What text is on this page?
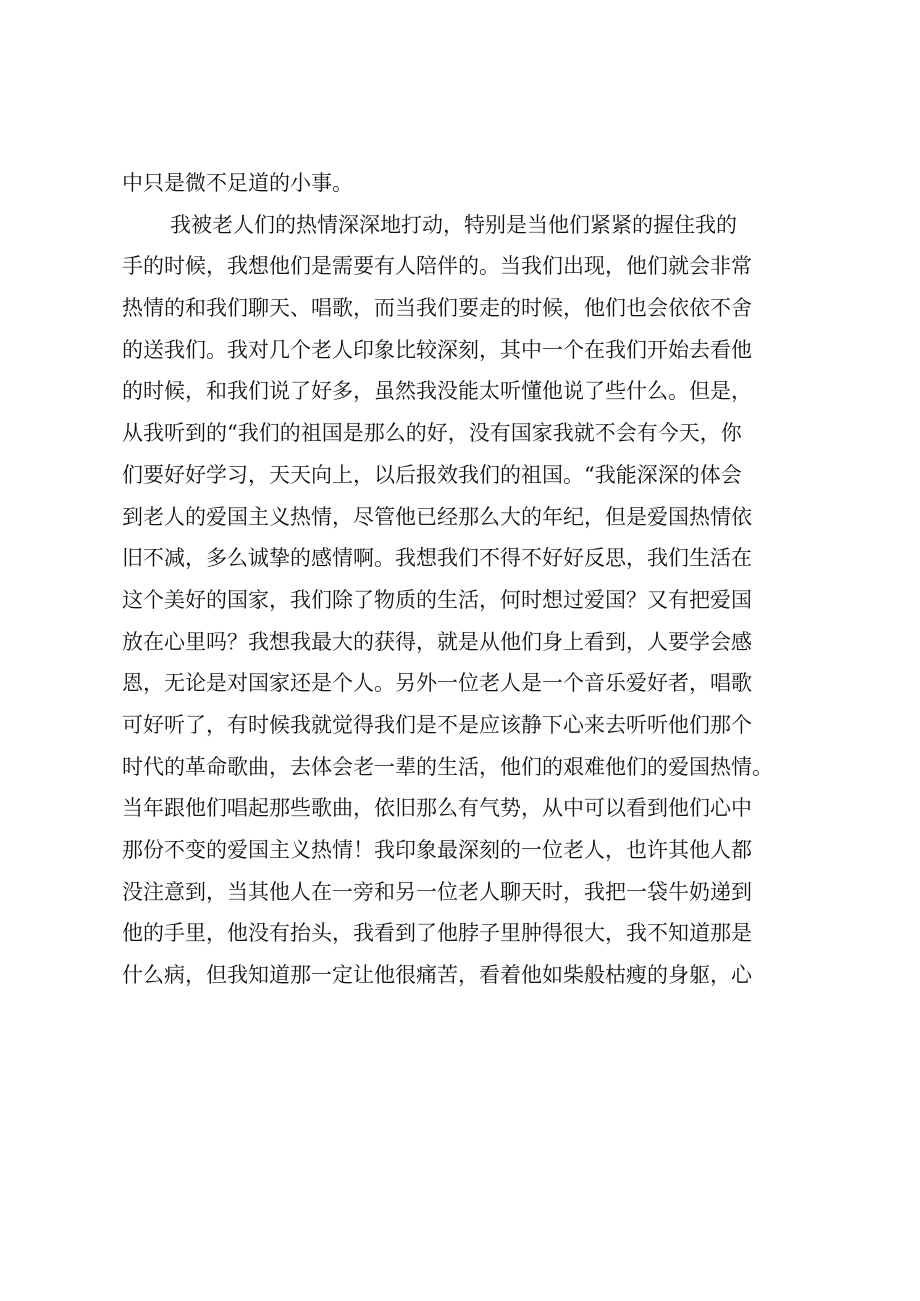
中只是微不足道的小事。
我被老人们的热情深深地打动，特别是当他们紧紧的握住我的
手的时候，我想他们是需要有人陪伴的。当我们出现，他们就会非常
热情的和我们聊天、唱歌，而当我们要走的时候，他们也会依依不舍
的送我们。我对几个老人印象比较深刻，其中一个在我们开始去看他
的时候，和我们说了好多，虽然我没能太听懂他说了些什么。但是，
从我听到的“我们的祖国是那么的好，没有国家我就不会有今天，你
们要好好学习，天天向上，以后报效我们的祖国。“我能深深的体会
到老人的爱国主义热情，尽管他已经那么大的年纪，但是爱国热情依
旧不减，多么诚挚的感情啊。我想我们不得不好好反思，我们生活在
这个美好的国家，我们除了物质的生活，何时想过爱国？又有把爱国
放在心里吗？我想我最大的获得，就是从他们身上看到，人要学会感
恩，无论是对国家还是个人。另外一位老人是一个音乐爱好者，唱歌
可好听了，有时候我就觉得我们是不是应该静下心来去听听他们那个
时代的革命歌曲，去体会老一辈的生活，他们的艰难他们的爱国热情。
当年跟他们唱起那些歌曲，依旧那么有气势，从中可以看到他们心中
那份不变的爱国主义热情！我印象最深刻的一位老人，也许其他人都
没注意到，当其他人在一旁和另一位老人聊天时，我把一袋牛奶递到
他的手里，他没有抬头，我看到了他脖子里肿得很大，我不知道那是
什么病，但我知道那一定让他很痛苦，看着他如柴般枯瘦的身躯，心
